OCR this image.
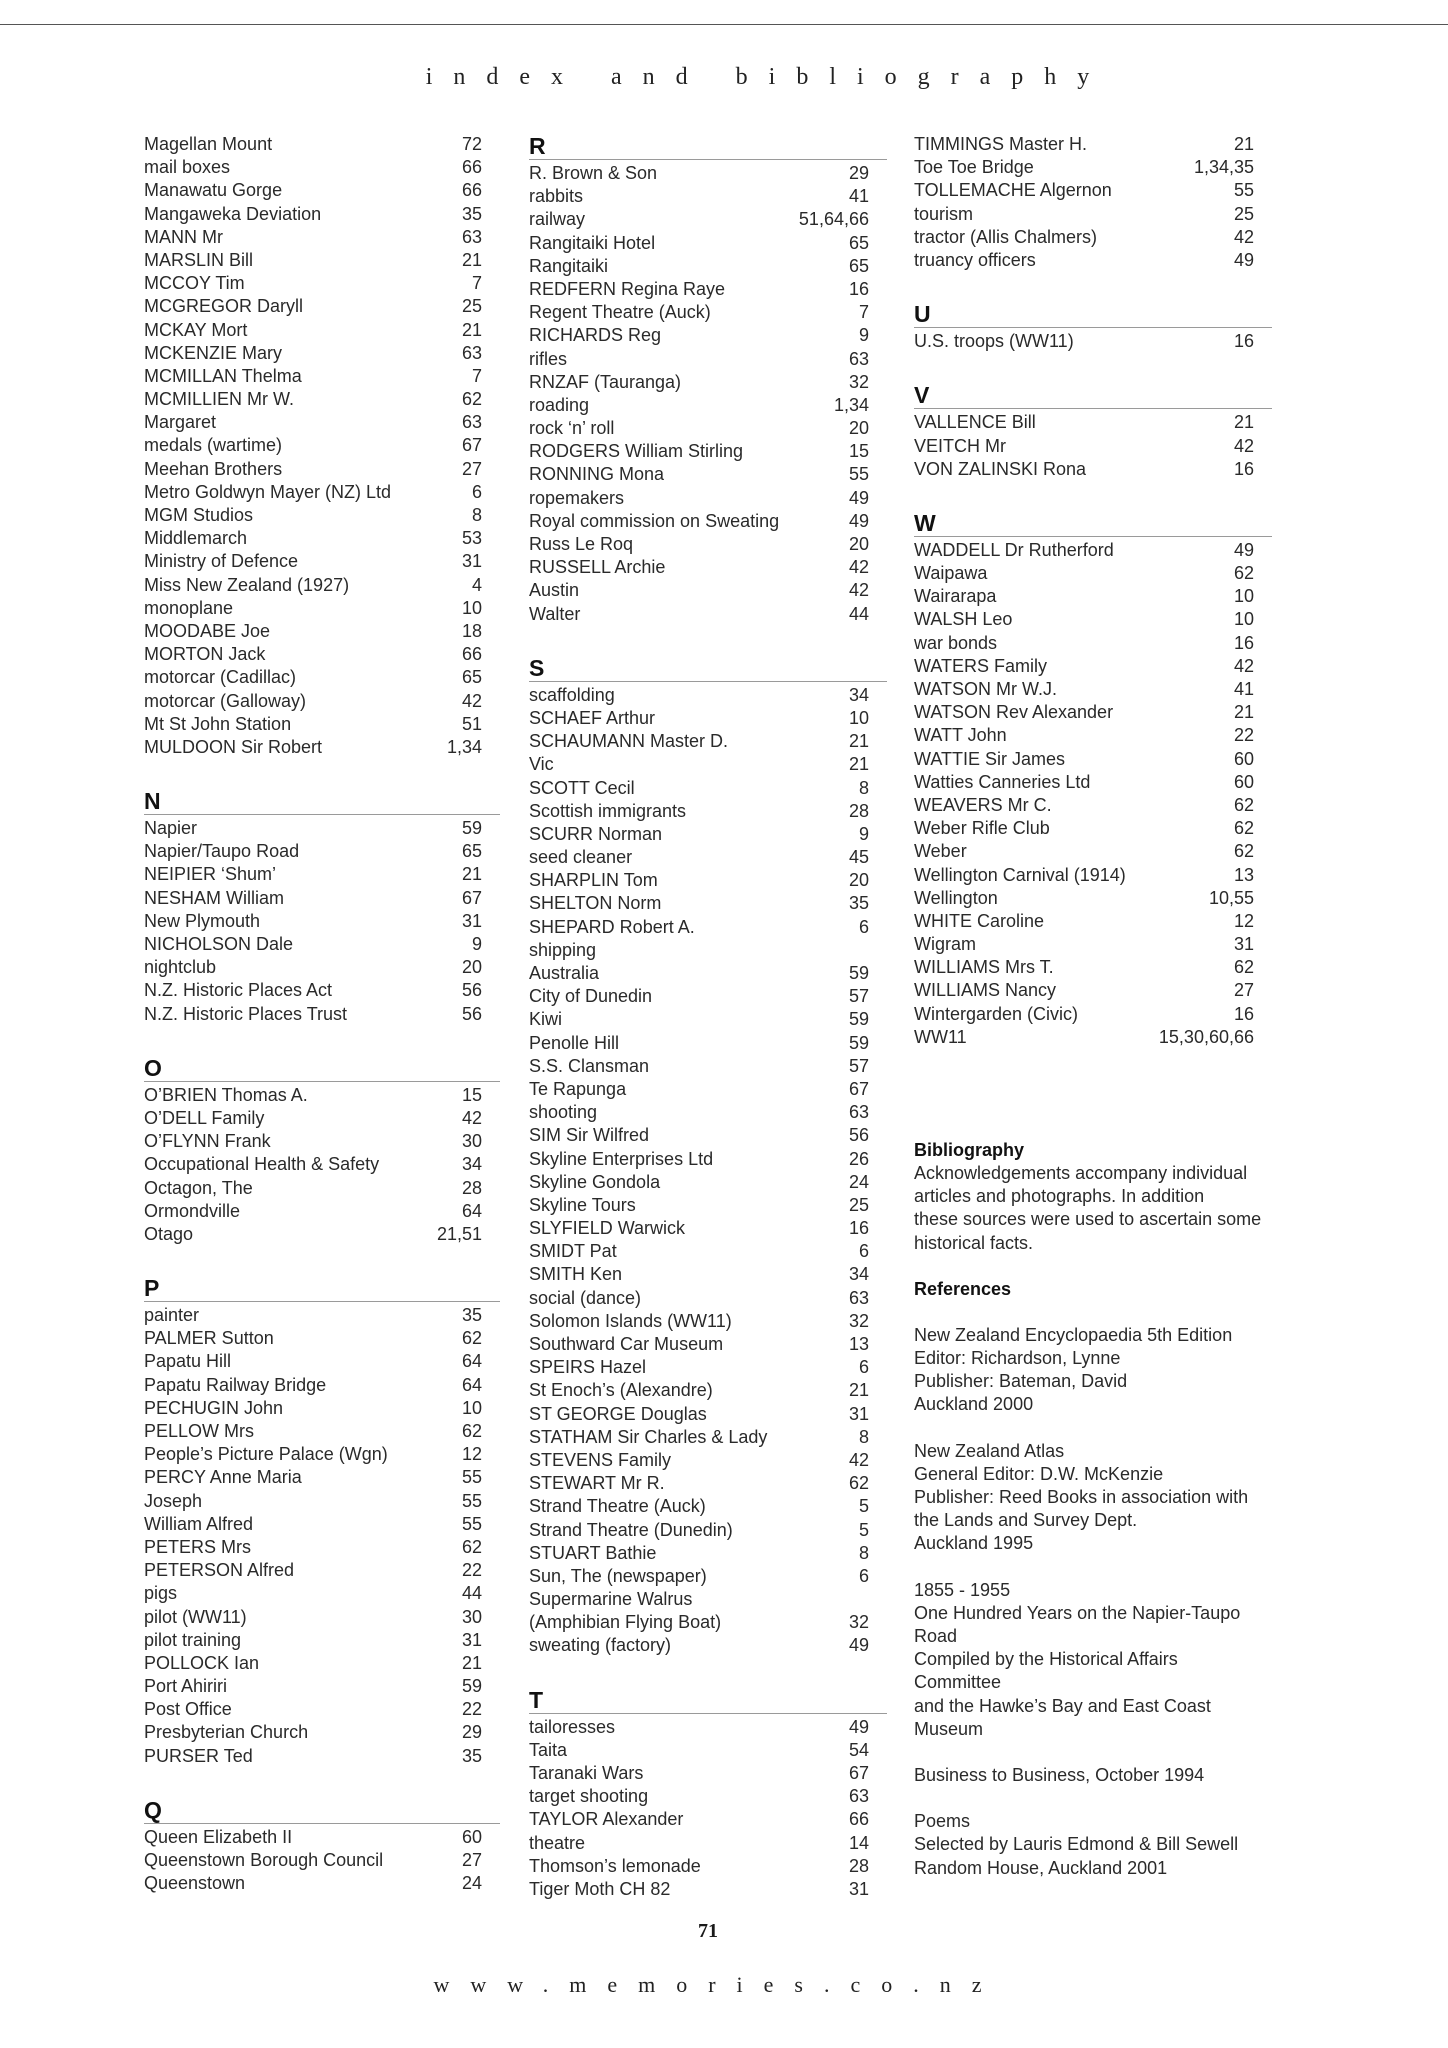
index and bibliography
Magellan Mount	72
mail boxes	66
Manawatu Gorge	66
Mangaweka Deviation	35
MANN Mr	63
MARSLIN Bill	21
MCCOY Tim	7
MCGREGOR Daryll	25
MCKAY Mort	21
MCKENZIE Mary	63
MCMILLAN Thelma	7
MCMILLIEN Mr W.	62
Margaret	63
medals (wartime)	67
Meehan Brothers	27
Metro Goldwyn Mayer (NZ) Ltd	6
MGM Studios	8
Middlemarch	53
Ministry of Defence	31
Miss New Zealand (1927)	4
monoplane	10
MOODABE Joe	18
MORTON Jack	66
motorcar (Cadillac)	65
motorcar (Galloway)	42
Mt St John Station	51
MULDOON Sir Robert	1,34
N
Napier	59
Napier/Taupo Road	65
NEIPIER ‘Shum’	21
NESHAM William	67
New Plymouth	31
NICHOLSON Dale	9
nightclub	20
N.Z. Historic Places Act	56
N.Z. Historic Places Trust	56
O
O’BRIEN Thomas A.	15
O’DELL Family	42
O’FLYNN Frank	30
Occupational Health & Safety	34
Octagon, The	28
Ormondville	64
Otago	21,51
P
painter	35
PALMER Sutton	62
Papatu Hill	64
Papatu Railway Bridge	64
PECHUGIN John	10
PELLOW Mrs	62
People’s Picture Palace (Wgn)	12
PERCY Anne Maria	55
Joseph	55
William Alfred	55
PETERS Mrs	62
PETERSON Alfred	22
pigs	44
pilot (WW11)	30
pilot training	31
POLLOCK Ian	21
Port Ahiriri	59
Post Office	22
Presbyterian Church	29
PURSER Ted	35
Q
Queen Elizabeth II	60
Queenstown Borough Council	27
Queenstown	24
R
R. Brown & Son	29
rabbits	41
railway	51,64,66
Rangitaiki Hotel	65
Rangitaiki	65
REDFERN Regina Raye	16
Regent Theatre (Auck)	7
RICHARDS Reg	9
rifles	63
RNZAF (Tauranga)	32
roading	1,34
rock ‘n’ roll	20
RODGERS William Stirling	15
RONNING Mona	55
ropemakers	49
Royal commission on Sweating	49
Russ Le Roq	20
RUSSELL Archie	42
Austin	42
Walter	44
S
scaffolding	34
SCHAEF Arthur	10
SCHAUMANN Master D.	21
Vic	21
SCOTT Cecil	8
Scottish immigrants	28
SCURR Norman	9
seed cleaner	45
SHARPLIN Tom	20
SHELTON Norm	35
SHEPARD Robert A.	6
shipping
Australia	59
City of Dunedin	57
Kiwi	59
Penolle Hill	59
S.S. Clansman	57
Te Rapunga	67
shooting	63
SIM Sir Wilfred	56
Skyline Enterprises Ltd	26
Skyline Gondola	24
Skyline Tours	25
SLYFIELD Warwick	16
SMIDT Pat	6
SMITH Ken	34
social (dance)	63
Solomon Islands (WW11)	32
Southward Car Museum	13
SPEIRS Hazel	6
St Enoch’s (Alexandre)	21
ST GEORGE Douglas	31
STATHAM Sir Charles & Lady	8
STEVENS Family	42
STEWART Mr R.	62
Strand Theatre (Auck)	5
Strand Theatre (Dunedin)	5
STUART Bathie	8
Sun, The (newspaper)	6
Supermarine Walrus
(Amphibian Flying Boat)	32
sweating (factory)	49
T
tailoresses	49
Taita	54
Taranaki Wars	67
target shooting	63
TAYLOR Alexander	66
theatre	14
Thomson’s lemonade	28
Tiger Moth CH 82	31
TIMMINGS Master H.	21
Toe Toe Bridge	1,34,35
TOLLEMACHE Algernon	55
tourism	25
tractor (Allis Chalmers)	42
truancy officers	49
U
U.S. troops (WW11)	16
V
VALLENCE Bill	21
VEITCH Mr	42
VON ZALINSKI Rona	16
W
WADDELL Dr Rutherford	49
Waipawa	62
Wairarapa	10
WALSH Leo	10
war bonds	16
WATERS Family	42
WATSON Mr W.J.	41
WATSON Rev Alexander	21
WATT John	22
WATTIE Sir James	60
Watties Canneries Ltd	60
WEAVERS Mr C.	62
Weber Rifle Club	62
Weber	62
Wellington Carnival (1914)	13
Wellington	10,55
WHITE Caroline	12
Wigram	31
WILLIAMS Mrs T.	62
WILLIAMS Nancy	27
Wintergarden (Civic)	16
WW11	15,30,60,66
Bibliography
Acknowledgements accompany individual
articles and photographs. In addition
these sources were used to ascertain some
historical facts.
References
New Zealand Encyclopaedia 5th Edition
Editor: Richardson, Lynne
Publisher: Bateman, David
Auckland 2000
New Zealand Atlas
General Editor: D.W. McKenzie
Publisher: Reed Books in association with
the Lands and Survey Dept.
Auckland 1995
1855 - 1955
One Hundred Years on the Napier-Taupo
Road
Compiled by the Historical Affairs
Committee
and the Hawke’s Bay and East Coast
Museum
Business to Business, October 1994
Poems
Selected by Lauris Edmond & Bill Sewell
Random House, Auckland 2001
71
www.memories.co.nz
